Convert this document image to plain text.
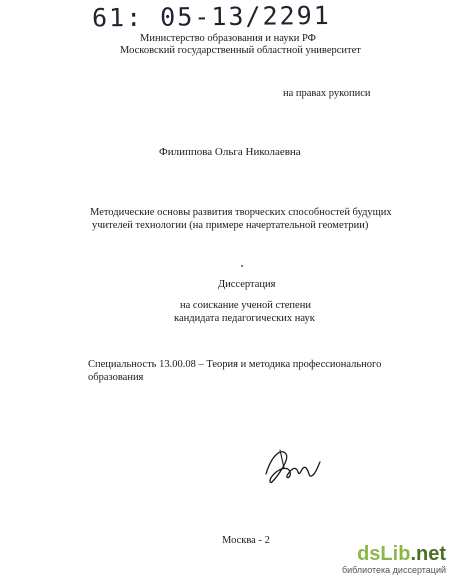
61: 05-13/2291
Министерство образования и науки РФ
Московский государственный областной университет
на правах рукописи
Филиппова Ольга Николаевна
Методические основы развития творческих способностей будущих
учителей технологии (на примере начертательной геометрии)
Диссертация
на соискание ученой степени
кандидата педагогических наук
Специальность 13.00.08 – Теория и методика профессионального
образования
Москва - 2
dsLib.net
библиотека диссертаций
